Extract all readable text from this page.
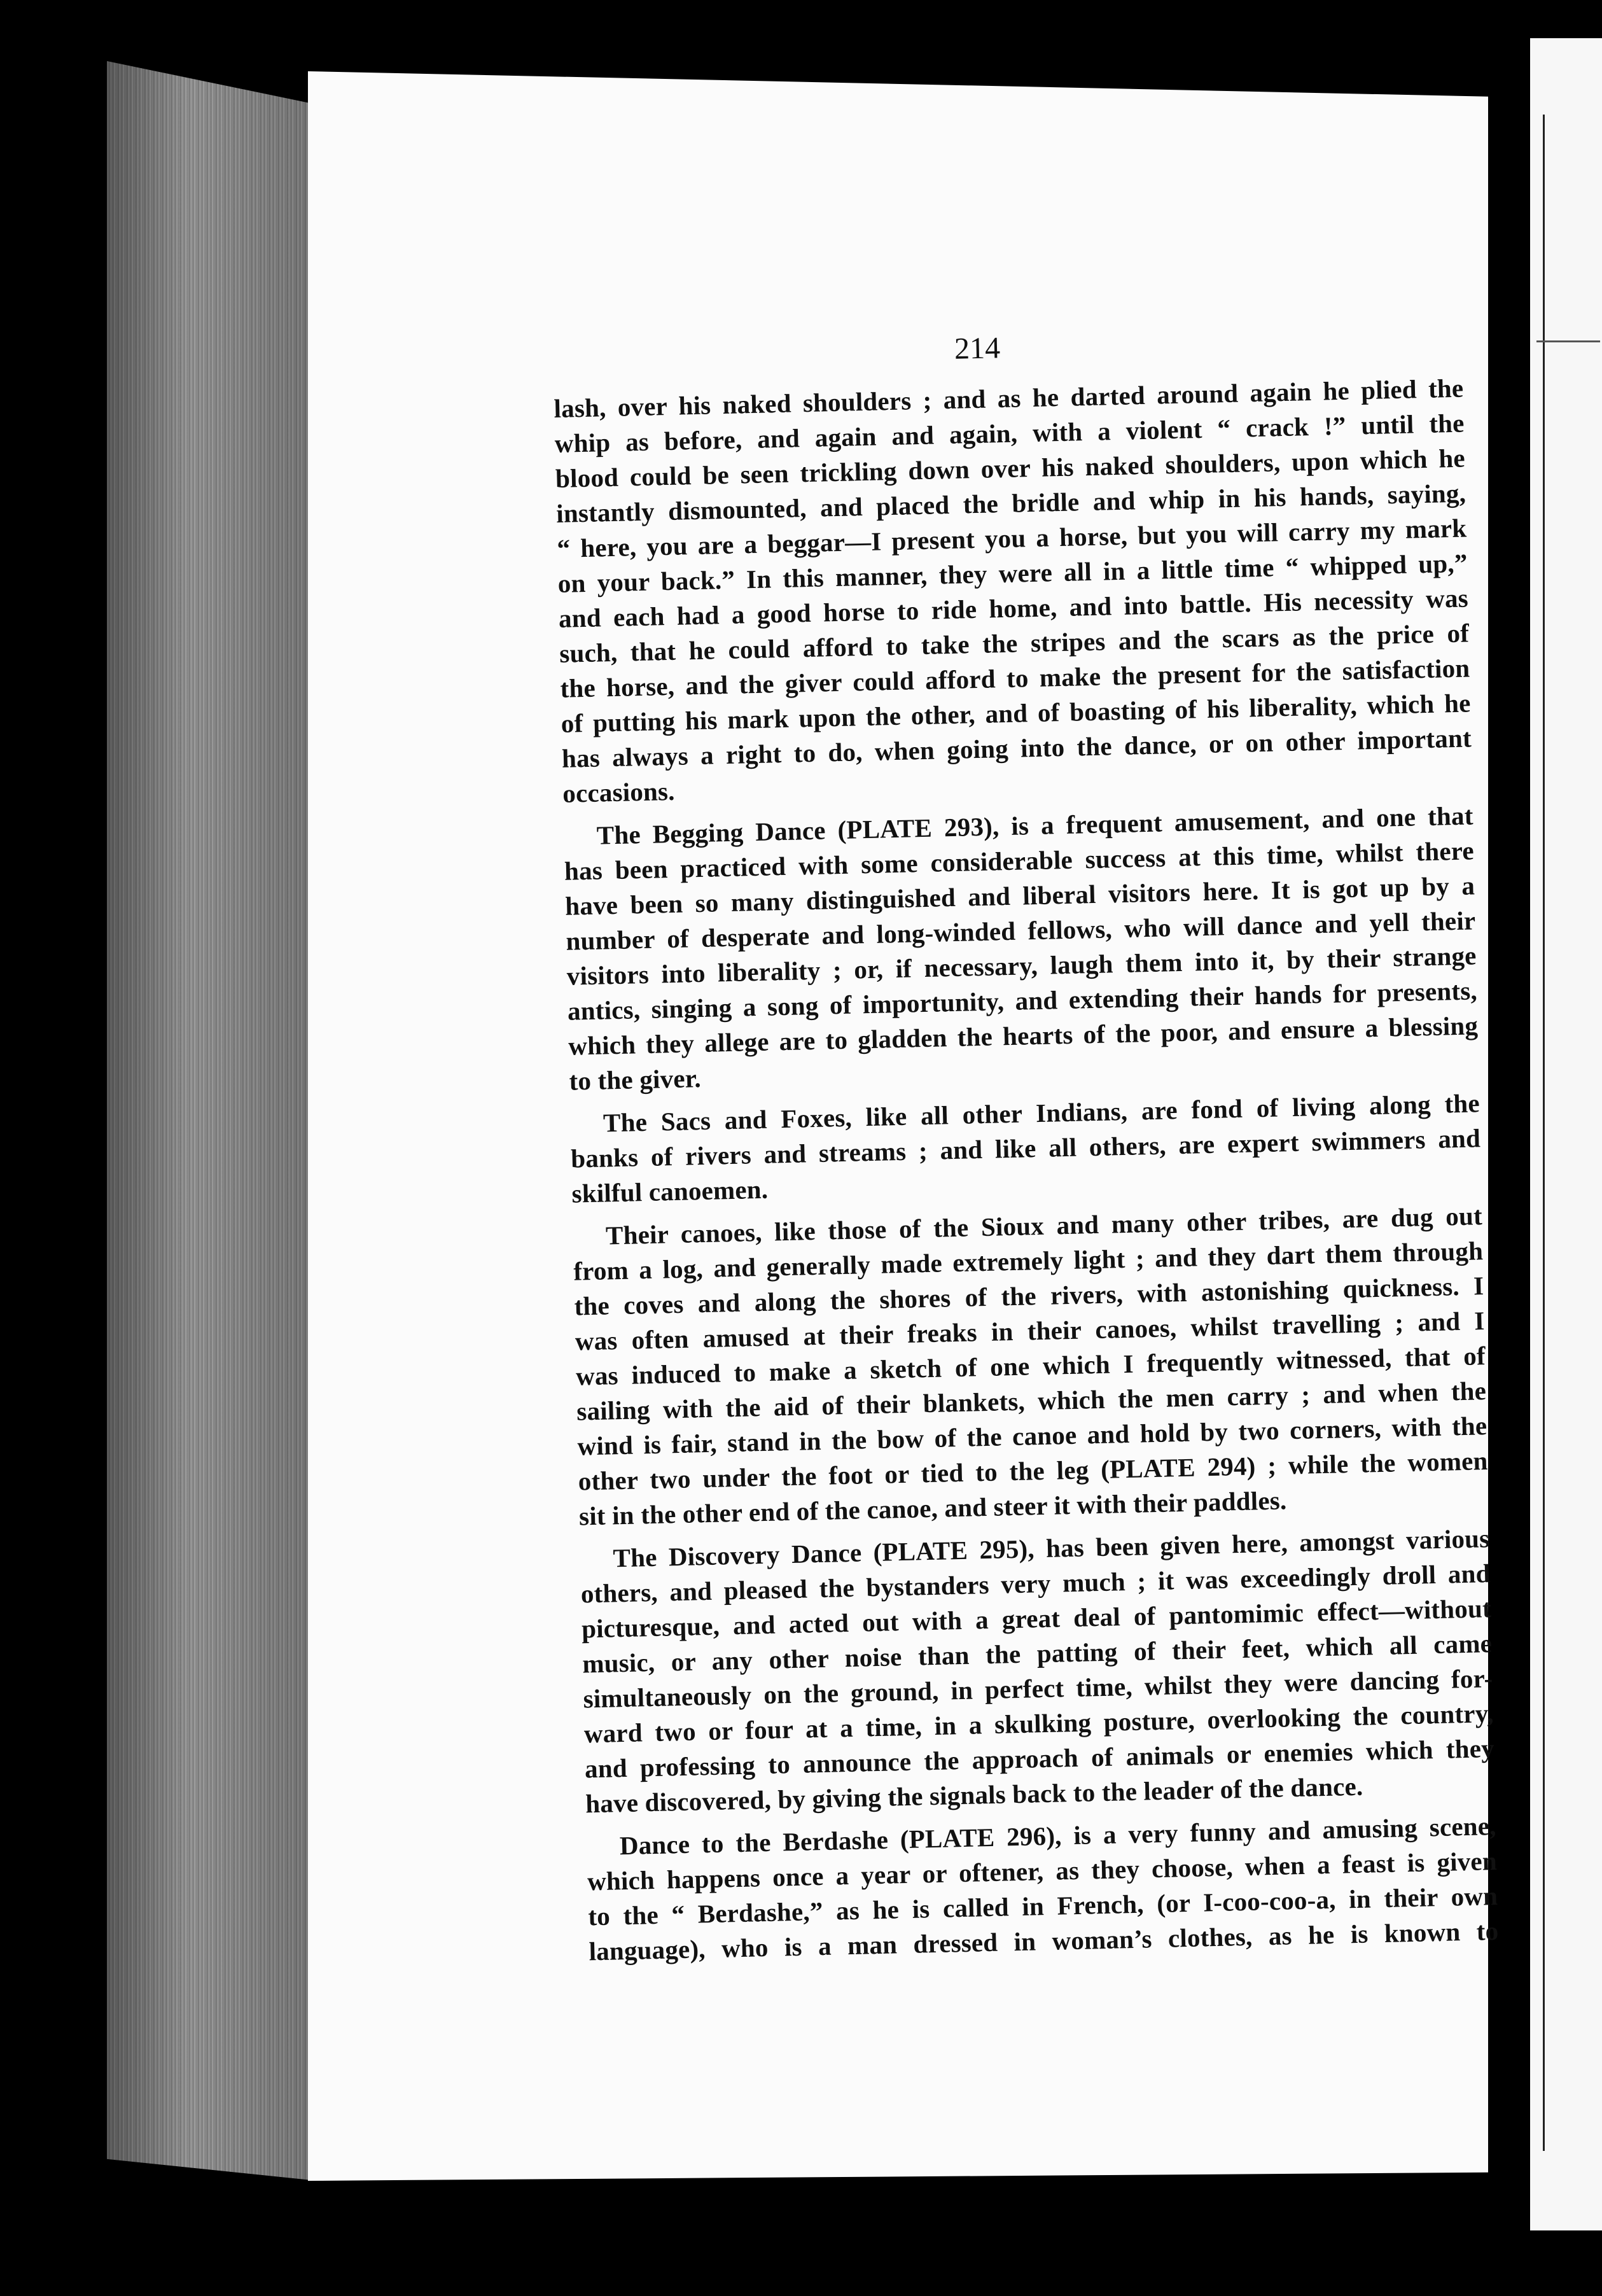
214
lash, over his naked shoulders ; and as he darted around again he plied the
whip as before, and again and again, with a violent “ crack !” until the
blood could be seen trickling down over his naked shoulders, upon which he
instantly dismounted, and placed the bridle and whip in his hands, saying,
“ here, you are a beggar—I present you a horse, but you will carry my mark
on your back.” In this manner, they were all in a little time “ whipped up,”
and each had a good horse to ride home, and into battle. His necessity was
such, that he could afford to take the stripes and the scars as the price of
the horse, and the giver could afford to make the present for the satisfaction
of putting his mark upon the other, and of boasting of his liberality, which he
has always a right to do, when going into the dance, or on other important
occasions.
The Begging Dance (PLATE 293), is a frequent amusement, and one that
has been practiced with some considerable success at this time, whilst there
have been so many distinguished and liberal visitors here. It is got up by a
number of desperate and long-winded fellows, who will dance and yell their
visitors into liberality ; or, if necessary, laugh them into it, by their strange
antics, singing a song of importunity, and extending their hands for presents,
which they allege are to gladden the hearts of the poor, and ensure a blessing
to the giver.
The Sacs and Foxes, like all other Indians, are fond of living along the
banks of rivers and streams ; and like all others, are expert swimmers and
skilful canoemen.
Their canoes, like those of the Sioux and many other tribes, are dug out
from a log, and generally made extremely light ; and they dart them through
the coves and along the shores of the rivers, with astonishing quickness. I
was often amused at their freaks in their canoes, whilst travelling ; and I
was induced to make a sketch of one which I frequently witnessed, that of
sailing with the aid of their blankets, which the men carry ; and when the
wind is fair, stand in the bow of the canoe and hold by two corners, with the
other two under the foot or tied to the leg (PLATE 294) ; while the women
sit in the other end of the canoe, and steer it with their paddles.
The Discovery Dance (PLATE 295), has been given here, amongst various
others, and pleased the bystanders very much ; it was exceedingly droll and
picturesque, and acted out with a great deal of pantomimic effect—without
music, or any other noise than the patting of their feet, which all came
simultaneously on the ground, in perfect time, whilst they were dancing for-
ward two or four at a time, in a skulking posture, overlooking the country,
and professing to announce the approach of animals or enemies which they
have discovered, by giving the signals back to the leader of the dance.
Dance to the Berdashe (PLATE 296), is a very funny and amusing scene,
which happens once a year or oftener, as they choose, when a feast is given
to the “ Berdashe,” as he is called in French, (or I-coo-coo-a, in their own
language), who is a man dressed in woman’s clothes, as he is known to
